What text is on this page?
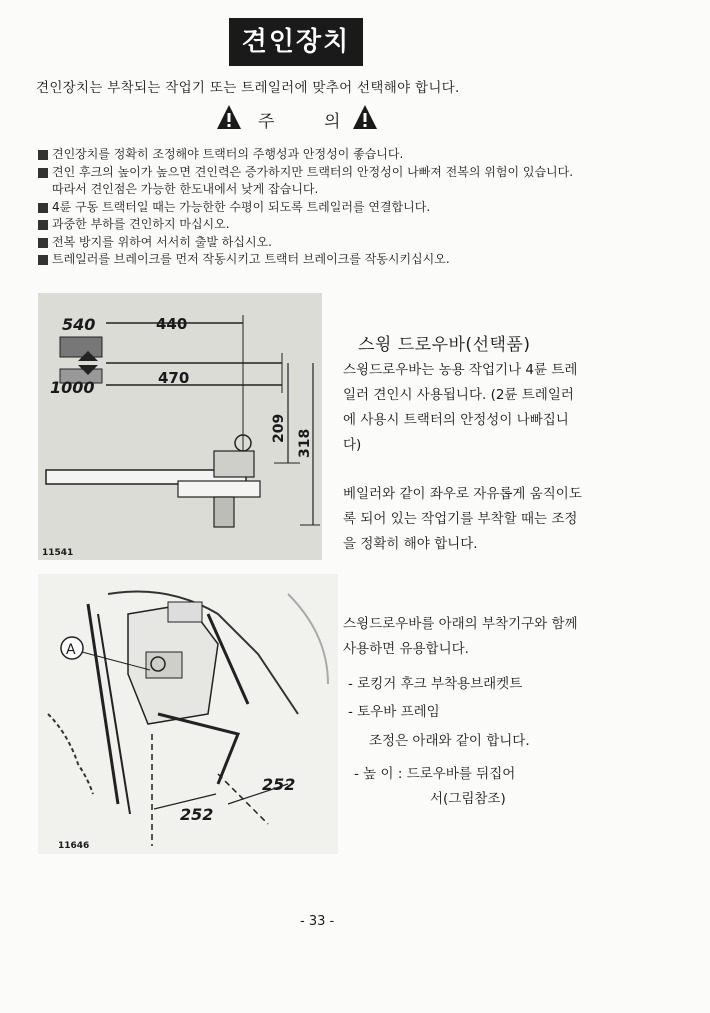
견인장치
견인장치는 부착되는 작업기 또는 트레일러에 맞추어 선택해야 합니다.
주	의
견인장치를 정확히 조정해야 트랙터의 주행성과 안정성이 좋습니다.
견인 후크의 높이가 높으면 견인력은 증가하지만 트랙터의 안정성이 나빠져 전복의 위험이 있습니다. 따라서 견인점은 가능한 한도내에서 낮게 잡습니다.
4륜 구동 트랙터일 때는 가능한한 수평이 되도록 트레일러를 연결합니다.
과중한 부하를 견인하지 마십시오.
전복 방지를 위하여 서서히 출발 하십시오.
트레일러를 브레이크를 먼저 작동시키고 트랙터 브레이크를 작동시키십시오.
540	440
1000	470
209
318
11541
A
252
252
11646
스윙 드로우바(선택품)
스윙드로우바는 농용 작업기나 4륜 트레일러 견인시 사용됩니다. (2륜 트레일러에 사용시 트랙터의 안정성이 나빠집니다)
베일러와 같이 좌우로 자유롭게 움직이도록 되어 있는 작업기를 부착할 때는 조정을 정확히 해야 합니다.
스윙드로우바를 아래의 부착기구와 함께 사용하면 유용합니다.
- 로킹거 후크 부착용브래켓트
- 토우바 프레임
조정은 아래와 같이 합니다.
- 높 이 : 드로우바를 뒤집어
서(그림참조)
- 33 -
